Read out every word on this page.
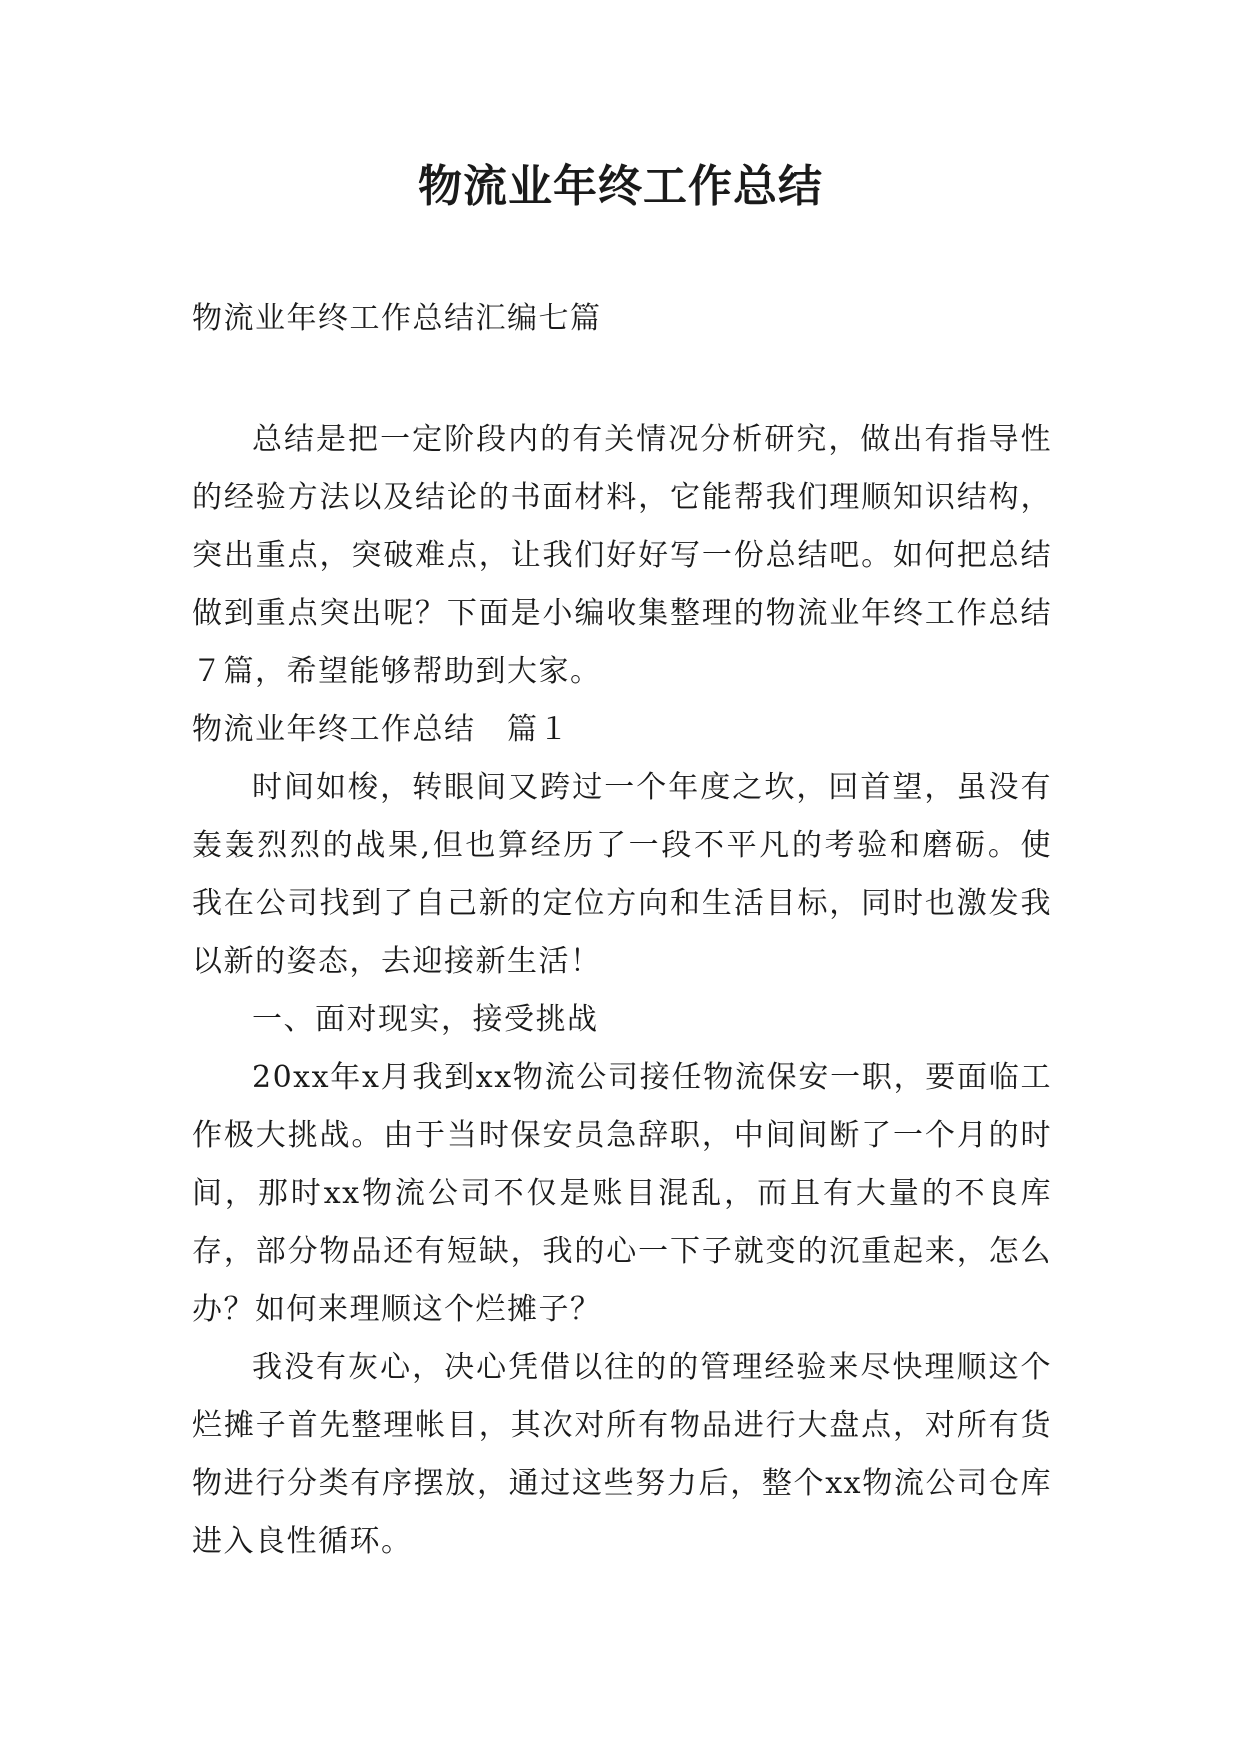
物流业年终工作总结

物流业年终工作总结汇编七篇

总结是把一定阶段内的有关情况分析研究，做出有指导性的经验方法以及结论的书面材料，它能帮我们理顺知识结构，突出重点，突破难点，让我们好好写一份总结吧。如何把总结做到重点突出呢？下面是小编收集整理的物流业年终工作总结７篇，希望能够帮助到大家。

物流业年终工作总结　篇１

时间如梭，转眼间又跨过一个年度之坎，回首望，虽没有轰轰烈烈的战果,但也算经历了一段不平凡的考验和磨砺。使我在公司找到了自己新的定位方向和生活目标，同时也激发我以新的姿态，去迎接新生活！

一、面对现实，接受挑战

20xx年x月我到xx物流公司接任物流保安一职，要面临工作极大挑战。由于当时保安员急辞职，中间间断了一个月的时间，那时xx物流公司不仅是账目混乱，而且有大量的不良库存，部分物品还有短缺，我的心一下子就变的沉重起来，怎么办？如何来理顺这个烂摊子？

我没有灰心，决心凭借以往的的管理经验来尽快理顺这个烂摊子首先整理帐目，其次对所有物品进行大盘点，对所有货物进行分类有序摆放，通过这些努力后，整个xx物流公司仓库进入良性循环。
